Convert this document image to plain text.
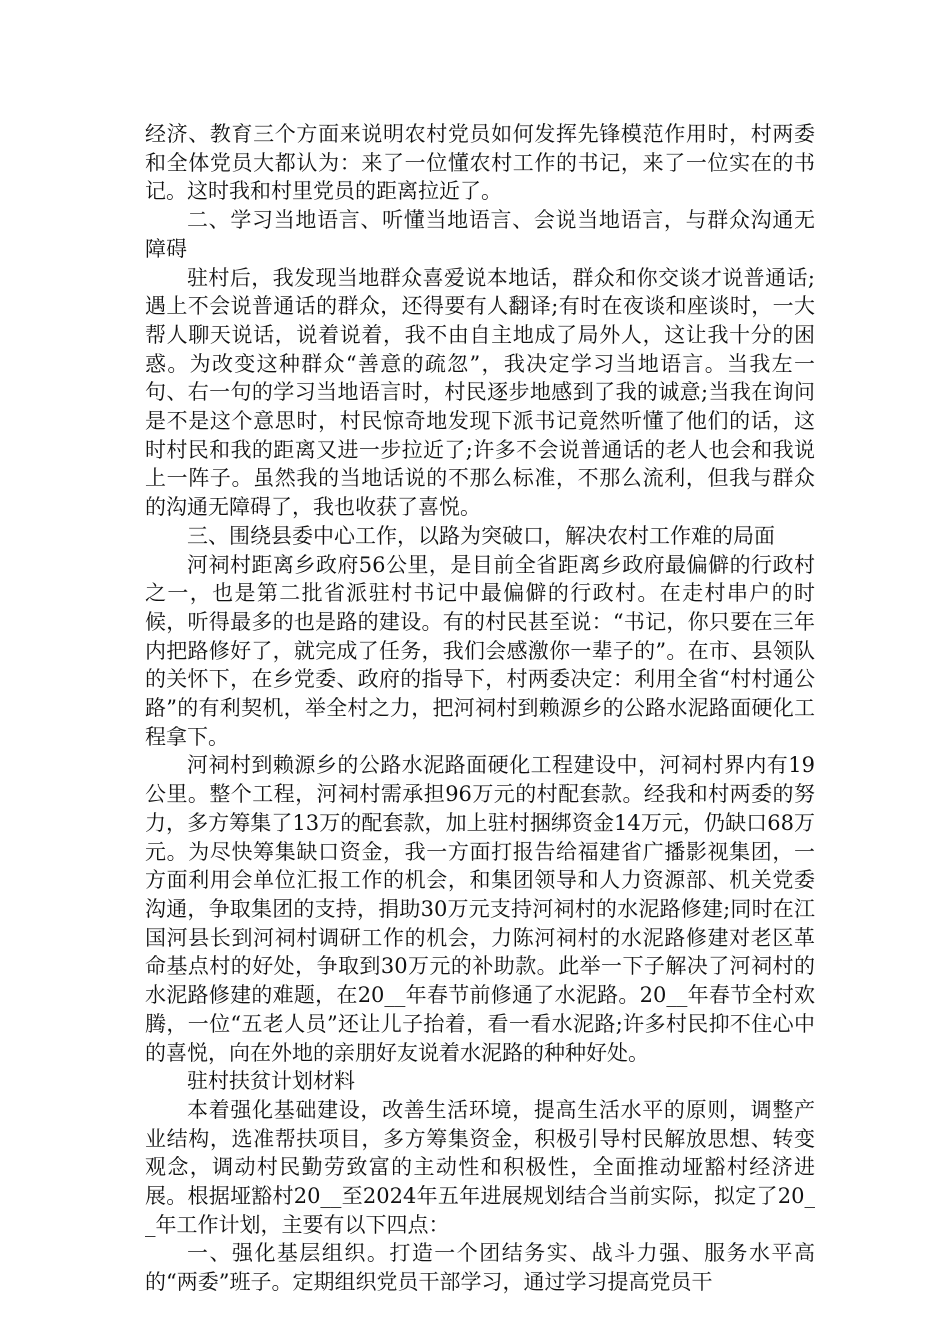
经济、教育三个方面来说明农村党员如何发挥先锋模范作用时，村两委和全体党员大都认为：来了一位懂农村工作的书记，来了一位实在的书记。这时我和村里党员的距离拉近了。

二、学习当地语言、听懂当地语言、会说当地语言，与群众沟通无障碍

驻村后，我发现当地群众喜爱说本地话，群众和你交谈才说普通话;遇上不会说普通话的群众，还得要有人翻译;有时在夜谈和座谈时，一大帮人聊天说话，说着说着，我不由自主地成了局外人，这让我十分的困惑。为改变这种群众“善意的疏忽”，我决定学习当地语言。当我左一句、右一句的学习当地语言时，村民逐步地感到了我的诚意;当我在询问是不是这个意思时，村民惊奇地发现下派书记竟然听懂了他们的话，这时村民和我的距离又进一步拉近了;许多不会说普通话的老人也会和我说上一阵子。虽然我的当地话说的不那么标准，不那么流利，但我与群众的沟通无障碍了，我也收获了喜悦。

三、围绕县委中心工作，以路为突破口，解决农村工作难的局面

河祠村距离乡政府56公里，是目前全省距离乡政府最偏僻的行政村之一，也是第二批省派驻村书记中最偏僻的行政村。在走村串户的时候，听得最多的也是路的建设。有的村民甚至说：“书记，你只要在三年内把路修好了，就完成了任务，我们会感激你一辈子的”。在市、县领队的关怀下，在乡党委、政府的指导下，村两委决定：利用全省“村村通公路”的有利契机，举全村之力，把河祠村到赖源乡的公路水泥路面硬化工程拿下。

河祠村到赖源乡的公路水泥路面硬化工程建设中，河祠村界内有19公里。整个工程，河祠村需承担96万元的村配套款。经我和村两委的努力，多方筹集了13万的配套款，加上驻村捆绑资金14万元，仍缺口68万元。为尽快筹集缺口资金，我一方面打报告给福建省广播影视集团，一方面利用会单位汇报工作的机会，和集团领导和人力资源部、机关党委沟通，争取集团的支持，捐助30万元支持河祠村的水泥路修建;同时在江国河县长到河祠村调研工作的机会，力陈河祠村的水泥路修建对老区革命基点村的好处，争取到30万元的补助款。此举一下子解决了河祠村的水泥路修建的难题，在20__年春节前修通了水泥路。20__年春节全村欢腾，一位“五老人员”还让儿子抬着，看一看水泥路;许多村民抑不住心中的喜悦，向在外地的亲朋好友说着水泥路的种种好处。

驻村扶贫计划材料

本着强化基础建设，改善生活环境，提高生活水平的原则，调整产业结构，选准帮扶项目，多方筹集资金，积极引导村民解放思想、转变观念，调动村民勤劳致富的主动性和积极性，全面推动垭豁村经济进展。根据垭豁村20__至2024年五年进展规划结合当前实际，拟定了20__年工作计划，主要有以下四点：

一、强化基层组织。打造一个团结务实、战斗力强、服务水平高的“两委”班子。定期组织党员干部学习，通过学习提高党员干
